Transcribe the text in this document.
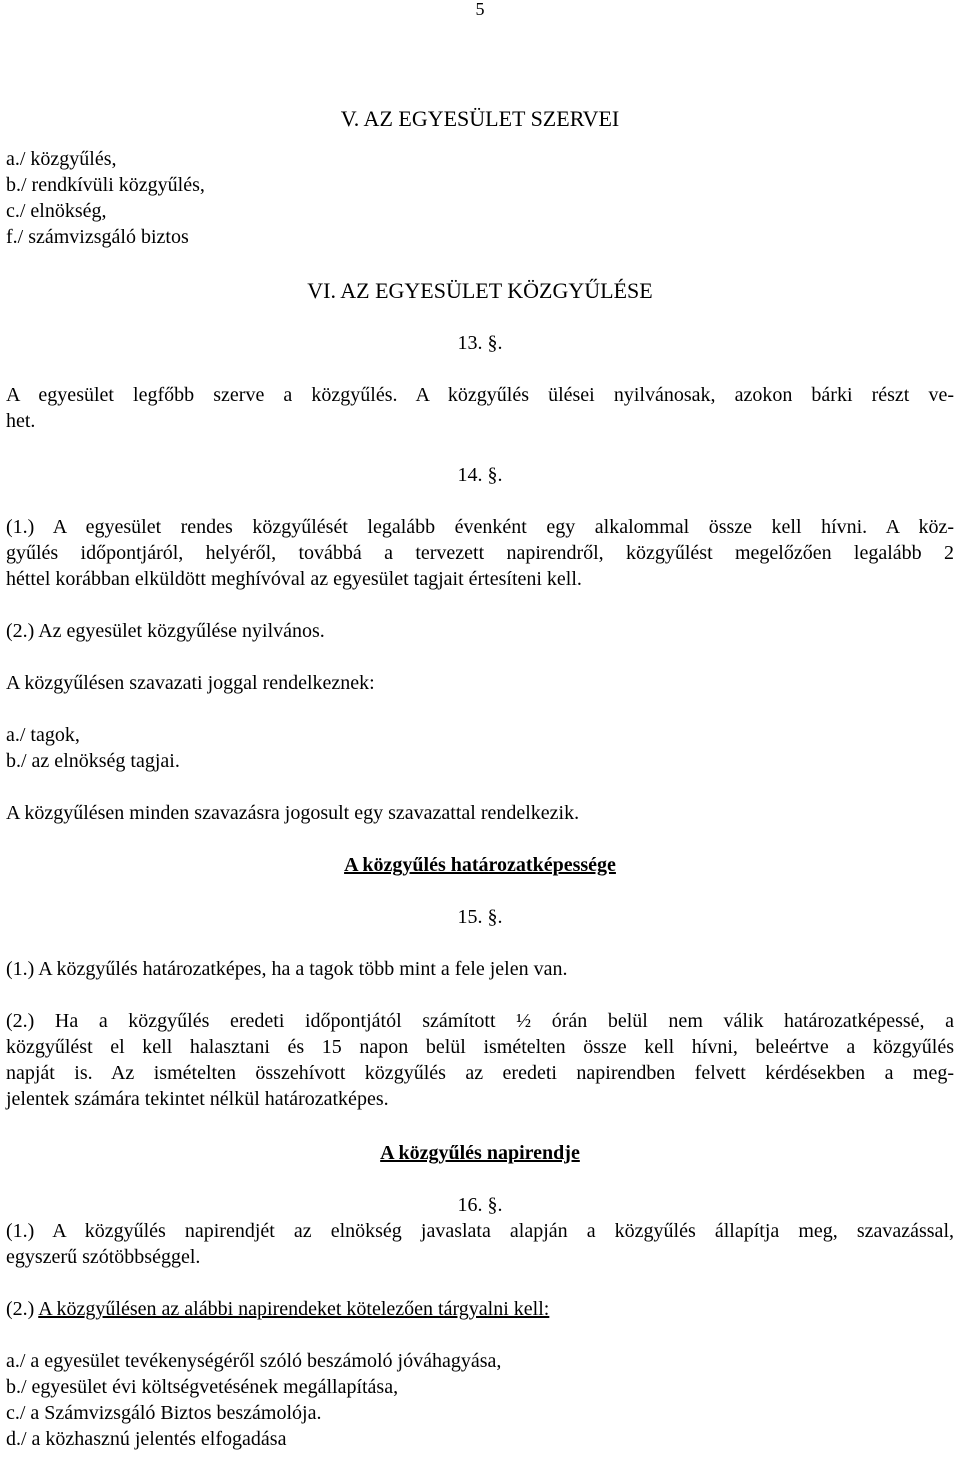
5
V. AZ EGYESÜLET SZERVEI
a./ közgyűlés,
b./ rendkívüli közgyűlés,
c./ elnökség,
f./ számvizsgáló biztos
VI. AZ EGYESÜLET KÖZGYŰLÉSE
13. §.
A egyesület legfőbb szerve a közgyűlés. A közgyűlés ülései nyilvánosak, azokon bárki részt ve-
het.
14. §.
(1.) A egyesület rendes közgyűlését legalább évenként egy alkalommal össze kell hívni. A köz-
gyűlés időpontjáról, helyéről, továbbá a tervezett napirendről, közgyűlést megelőzően legalább 2
héttel korábban elküldött meghívóval az egyesület tagjait értesíteni kell.
(2.) Az egyesület közgyűlése nyilvános.
A közgyűlésen szavazati joggal rendelkeznek:
a./ tagok,
b./ az elnökség tagjai.
A közgyűlésen minden szavazásra jogosult egy szavazattal rendelkezik.
A közgyűlés határozatképessége
15. §.
(1.) A közgyűlés határozatképes, ha a tagok több mint a fele jelen van.
(2.) Ha a közgyűlés eredeti időpontjától számított ½ órán belül nem válik határozatképessé, a
közgyűlést el kell halasztani és 15 napon belül ismételten össze kell hívni, beleértve a közgyűlés
napját is. Az ismételten összehívott közgyűlés az eredeti napirendben felvett kérdésekben a meg-
jelentek számára tekintet nélkül határozatképes.
A közgyűlés napirendje
16. §.
(1.) A közgyűlés napirendjét az elnökség javaslata alapján a közgyűlés állapítja meg, szavazással,
egyszerű szótöbbséggel.
(2.) A közgyűlésen az alábbi napirendeket kötelezően tárgyalni kell:
a./ a egyesület tevékenységéről szóló beszámoló jóváhagyása,
b./ egyesület évi költségvetésének megállapítása,
c./ a Számvizsgáló Biztos beszámolója.
d./ a közhasznú jelentés elfogadása
